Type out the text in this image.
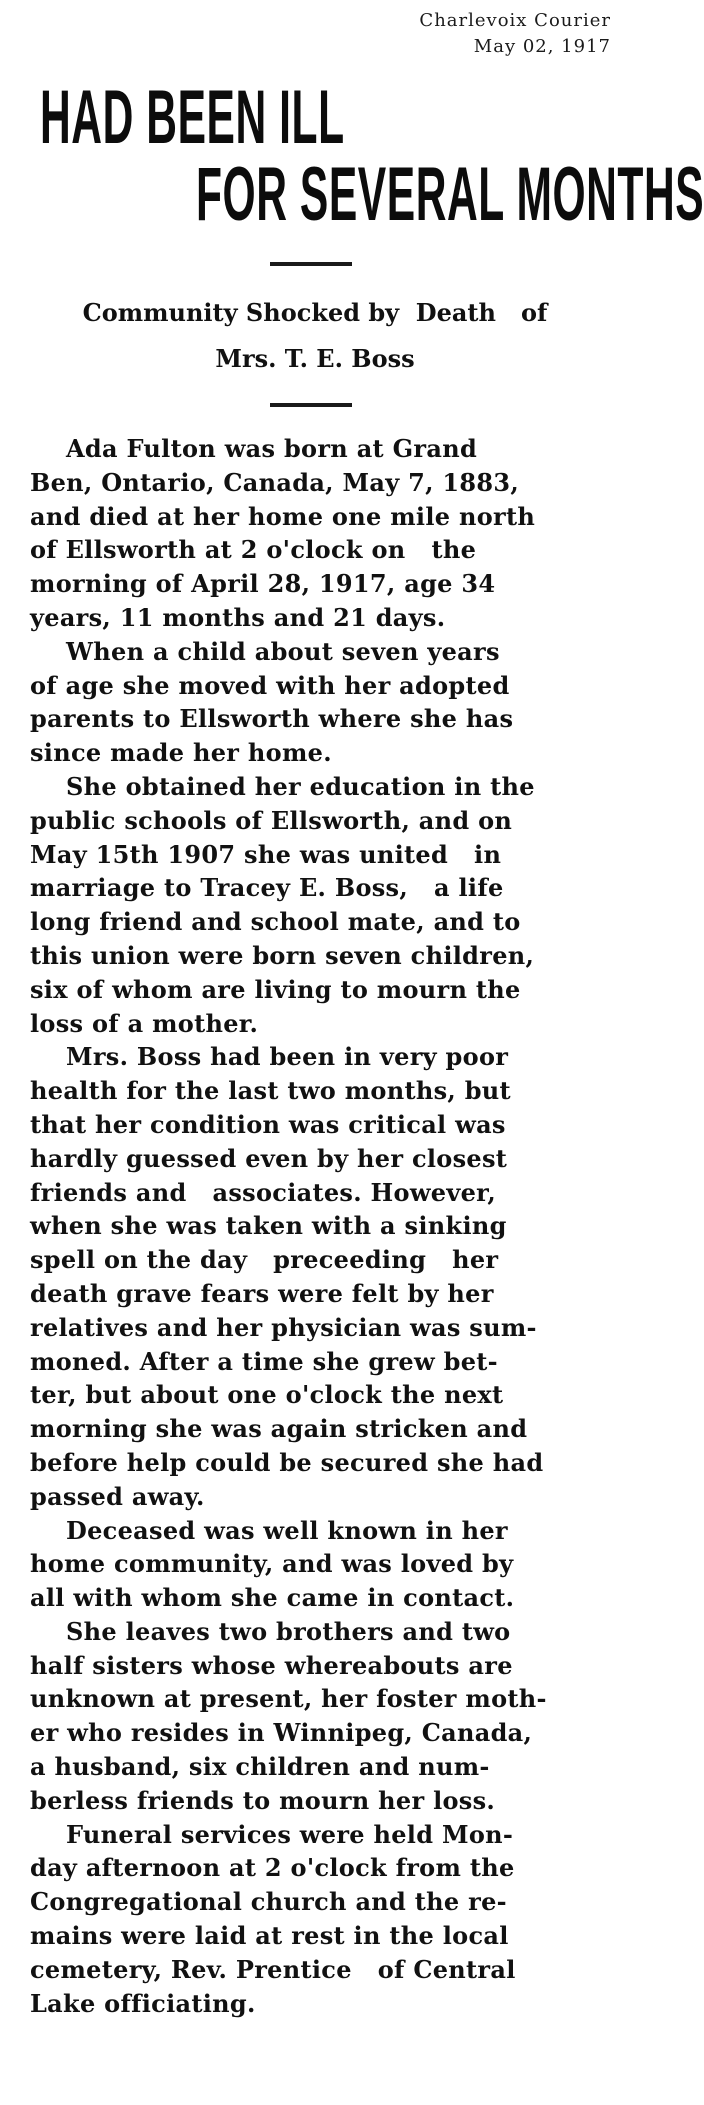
Charlevoix Courier
May 02, 1917
HAD BEEN ILL
FOR SEVERAL MONTHS
Community Shocked by  Death   of
Mrs. T. E. Boss
Ada Fulton was born at Grand
Ben, Ontario, Canada, May 7, 1883,
and died at her home one mile north
of Ellsworth at 2 o'clock on   the
morning of April 28, 1917, age 34
years, 11 months and 21 days.
When a child about seven years
of age she moved with her adopted
parents to Ellsworth where she has
since made her home.
She obtained her education in the
public schools of Ellsworth, and on
May 15th 1907 she was united   in
marriage to Tracey E. Boss,   a life
long friend and school mate, and to
this union were born seven children,
six of whom are living to mourn the
loss of a mother.
Mrs. Boss had been in very poor
health for the last two months, but
that her condition was critical was
hardly guessed even by her closest
friends and   associates. However,
when she was taken with a sinking
spell on the day   preceeding   her
death grave fears were felt by her
relatives and her physician was sum-
moned. After a time she grew bet-
ter, but about one o'clock the next
morning she was again stricken and
before help could be secured she had
passed away.
Deceased was well known in her
home community, and was loved by
all with whom she came in contact.
She leaves two brothers and two
half sisters whose whereabouts are
unknown at present, her foster moth-
er who resides in Winnipeg, Canada,
a husband, six children and num-
berless friends to mourn her loss.
Funeral services were held Mon-
day afternoon at 2 o'clock from the
Congregational church and the re-
mains were laid at rest in the local
cemetery, Rev. Prentice   of Central
Lake officiating.
